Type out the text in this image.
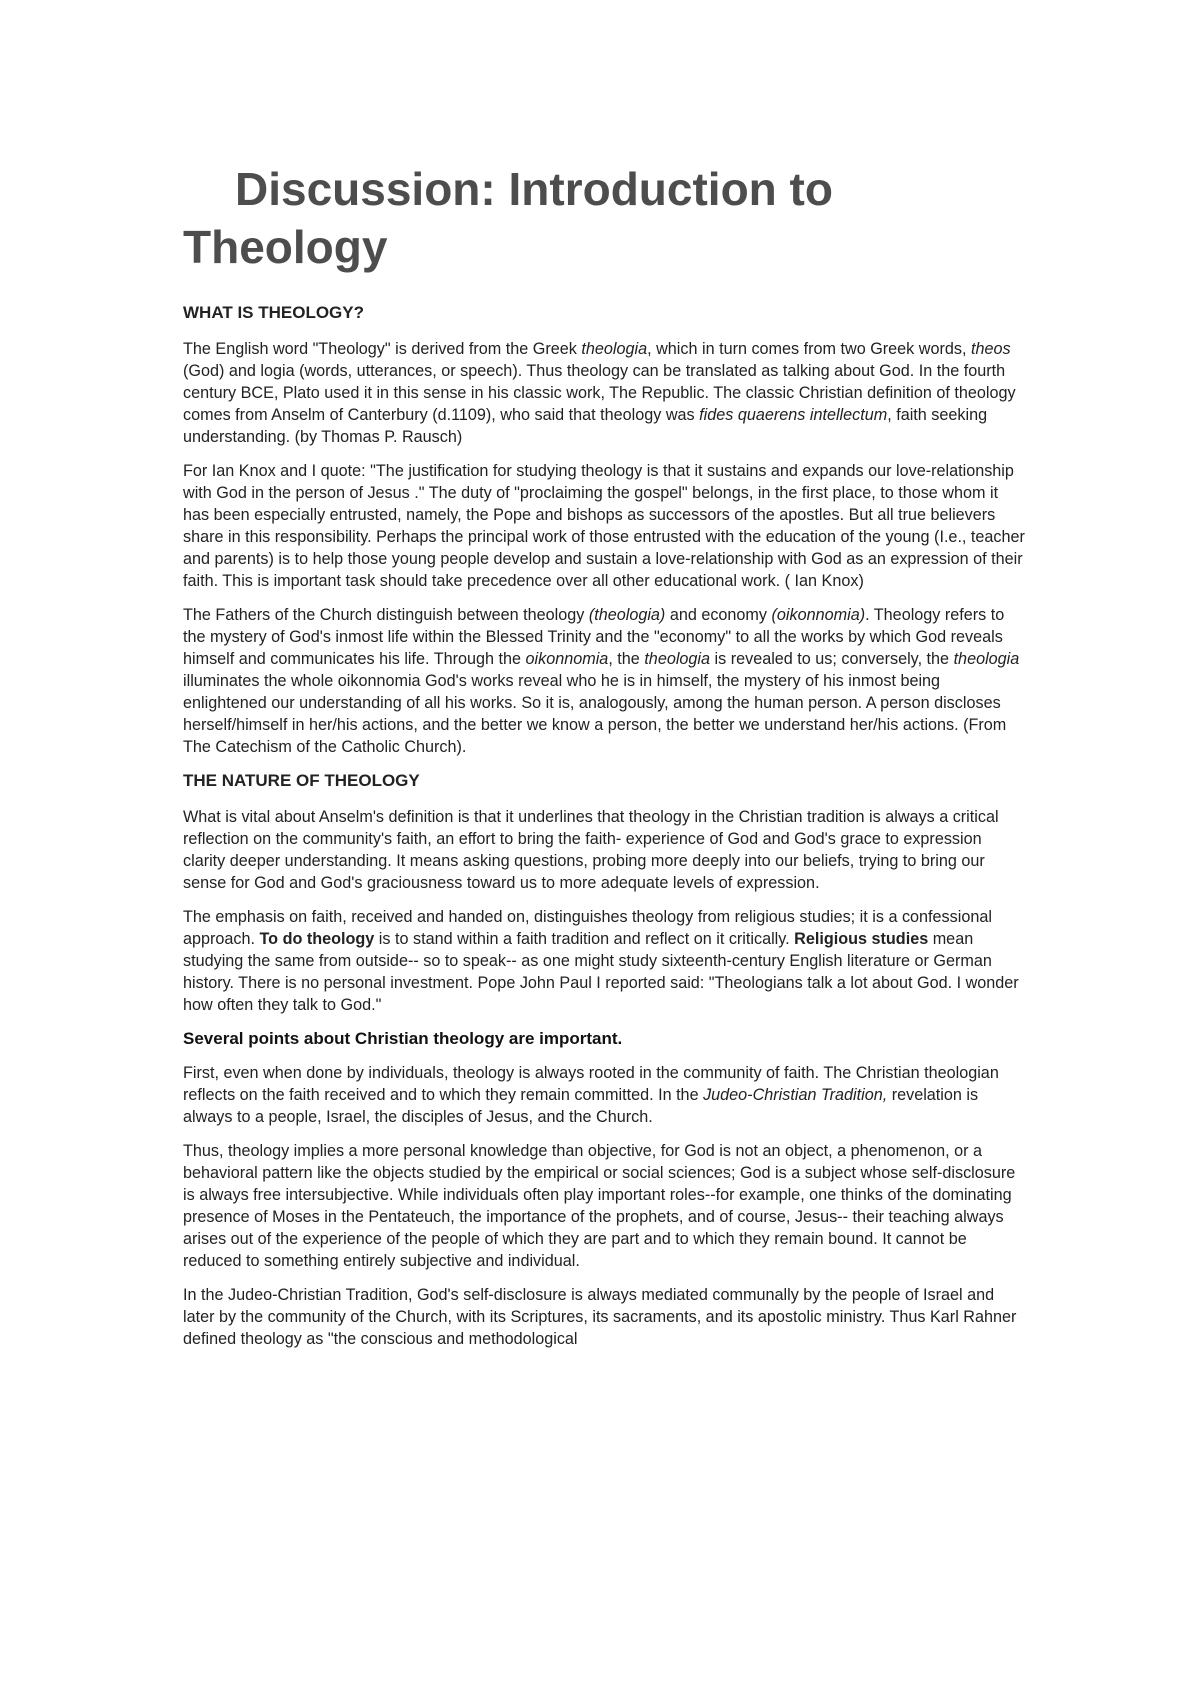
Discussion: Introduction to Theology
WHAT IS THEOLOGY?

The English word "Theology" is derived from the Greek theologia, which in turn comes from two Greek words, theos (God) and logia (words, utterances, or speech). Thus theology can be translated as talking about God. In the fourth century BCE, Plato used it in this sense in his classic work, The Republic. The classic Christian definition of theology comes from Anselm of Canterbury (d.1109), who said that theology was fides quaerens intellectum, faith seeking understanding. (by Thomas P. Rausch)

For Ian Knox and I quote: "The justification for studying theology is that it sustains and expands our love-relationship with God in the person of Jesus ." The duty of "proclaiming the gospel" belongs, in the first place, to those whom it has been especially entrusted, namely, the Pope and bishops as successors of the apostles. But all true believers share in this responsibility. Perhaps the principal work of those entrusted with the education of the young (I.e., teacher and parents) is to help those young people develop and sustain a love-relationship with God as an expression of their faith. This is important task should take precedence over all other educational work. ( Ian Knox)

The Fathers of the Church distinguish between theology (theologia) and economy (oikonnomia). Theology refers to the mystery of God's inmost life within the Blessed Trinity and the "economy" to all the works by which God reveals himself and communicates his life. Through the oikonnomia, the theologia is revealed to us; conversely, the theologia illuminates the whole oikonnomia God's works reveal who he is in himself, the mystery of his inmost being enlightened our understanding of all his works. So it is, analogously, among the human person. A person discloses herself/himself in her/his actions, and the better we know a person, the better we understand her/his actions. (From The Catechism of the Catholic Church).

THE NATURE OF THEOLOGY

What is vital about Anselm's definition is that it underlines that theology in the Christian tradition is always a critical reflection on the community's faith, an effort to bring the faith- experience of God and God's grace to expression clarity deeper understanding. It means asking questions, probing more deeply into our beliefs, trying to bring our sense for God and God's graciousness toward us to more adequate levels of expression.

The emphasis on faith, received and handed on, distinguishes theology from religious studies; it is a confessional approach. To do theology is to stand within a faith tradition and reflect on it critically. Religious studies mean studying the same from outside-- so to speak-- as one might study sixteenth-century English literature or German history. There is no personal investment. Pope John Paul I reported said: "Theologians talk a lot about God. I wonder how often they talk to God."

Several points about Christian theology are important.

First, even when done by individuals, theology is always rooted in the community of faith. The Christian theologian reflects on the faith received and to which they remain committed. In the Judeo-Christian Tradition, revelation is always to a people, Israel, the disciples of Jesus, and the Church.

Thus, theology implies a more personal knowledge than objective, for God is not an object, a phenomenon, or a behavioral pattern like the objects studied by the empirical or social sciences; God is a subject whose self-disclosure is always free intersubjective. While individuals often play important roles--for example, one thinks of the dominating presence of Moses in the Pentateuch, the importance of the prophets, and of course, Jesus-- their teaching always arises out of the experience of the people of which they are part and to which they remain bound. It cannot be reduced to something entirely subjective and individual.

In the Judeo-Christian Tradition, God's self-disclosure is always mediated communally by the people of Israel and later by the community of the Church, with its Scriptures, its sacraments, and its apostolic ministry. Thus Karl Rahner defined theology as "the conscious and methodological
